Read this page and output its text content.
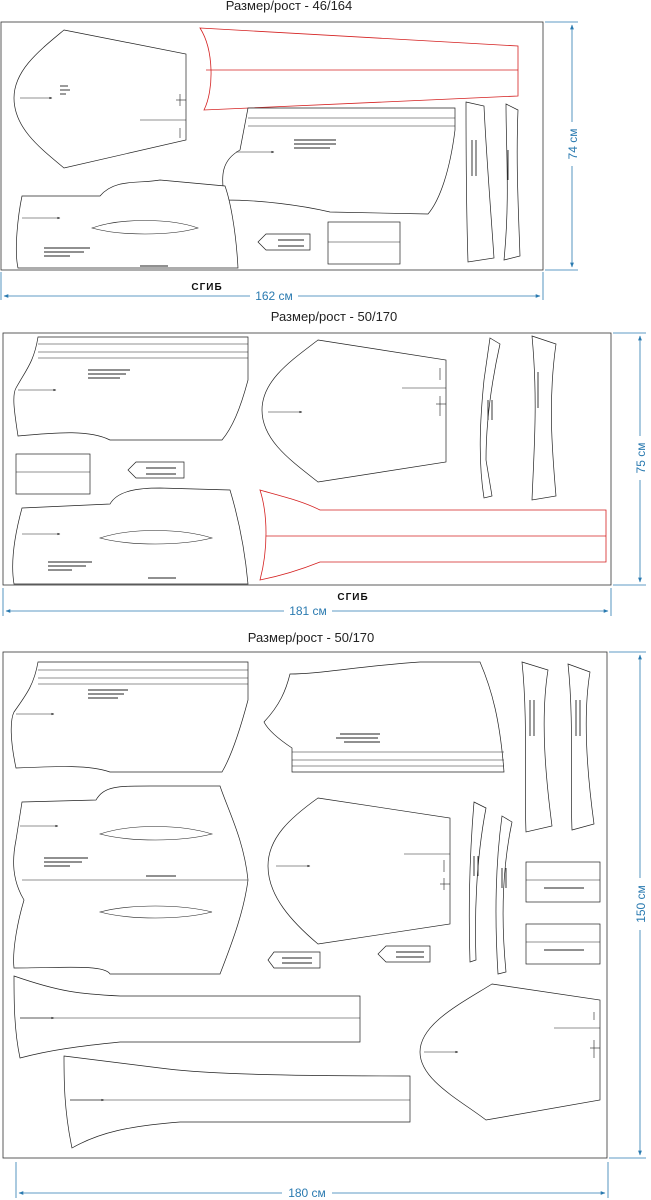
Размер/рост - 46/164
162 см
СГИБ
74 см
Размер/рост - 50/170
181 см
СГИБ
75 см
Размер/рост - 50/170
180 см
150 см
